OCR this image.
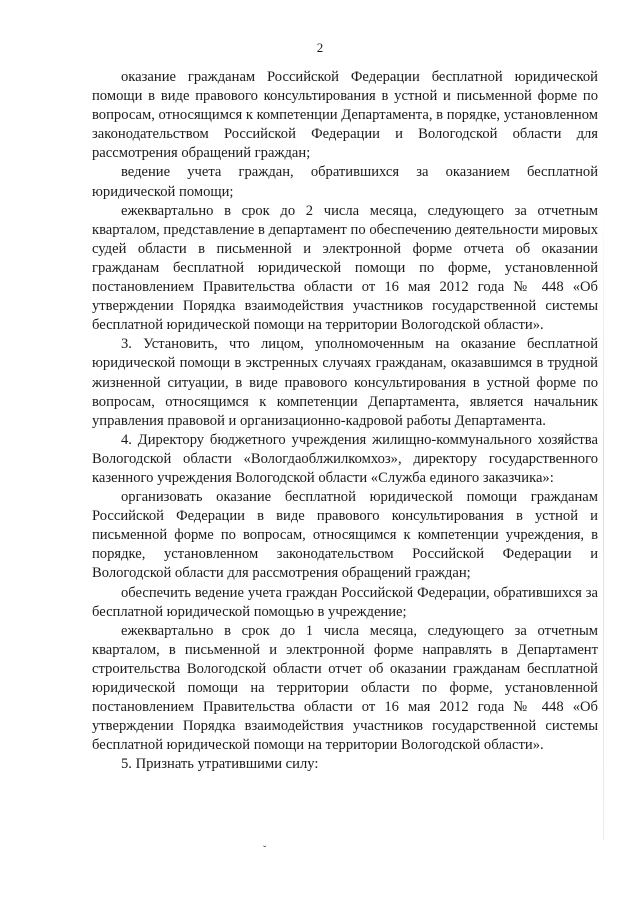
2

оказание гражданам Российской Федерации бесплатной юридической помощи в виде правового консультирования в устной и письменной форме по вопросам, относящимся к компетенции Департамента, в порядке, установленном законодательством Российской Федерации и Вологодской области для рассмотрения обращений граждан;

ведение учета граждан, обратившихся за оказанием бесплатной юридической помощи;

ежеквартально в срок до 2 числа месяца, следующего за отчетным кварталом, представление в департамент по обеспечению деятельности мировых судей области в письменной и электронной форме отчета об оказании гражданам бесплатной юридической помощи по форме, установленной постановлением Правительства области от 16 мая 2012 года № 448 «Об утверждении Порядка взаимодействия участников государственной системы бесплатной юридической помощи на территории Вологодской области».

3. Установить, что лицом, уполномоченным на оказание бесплатной юридической помощи в экстренных случаях гражданам, оказавшимся в трудной жизненной ситуации, в виде правового консультирования в устной форме по вопросам, относящимся к компетенции Департамента, является начальник управления правовой и организационно-кадровой работы Департамента.

4. Директору бюджетного учреждения жилищно-коммунального хозяйства Вологодской области «Вологдаоблжилкомхоз», директору государственного казенного учреждения Вологодской области «Служба единого заказчика»:

организовать оказание бесплатной юридической помощи гражданам Российской Федерации в виде правового консультирования в устной и письменной форме по вопросам, относящимся к компетенции учреждения, в порядке, установленном законодательством Российской Федерации и Вологодской области для рассмотрения обращений граждан;

обеспечить ведение учета граждан Российской Федерации, обратившихся за бесплатной юридической помощью в учреждение;

ежеквартально в срок до 1 числа месяца, следующего за отчетным кварталом, в письменной и электронной форме направлять в Департамент строительства Вологодской области отчет об оказании гражданам бесплатной юридической помощи на территории области по форме, установленной постановлением Правительства области от 16 мая 2012 года № 448 «Об утверждении Порядка взаимодействия участников государственной системы бесплатной юридической помощи на территории Вологодской области».

5. Признать утратившими силу:

ˇ
